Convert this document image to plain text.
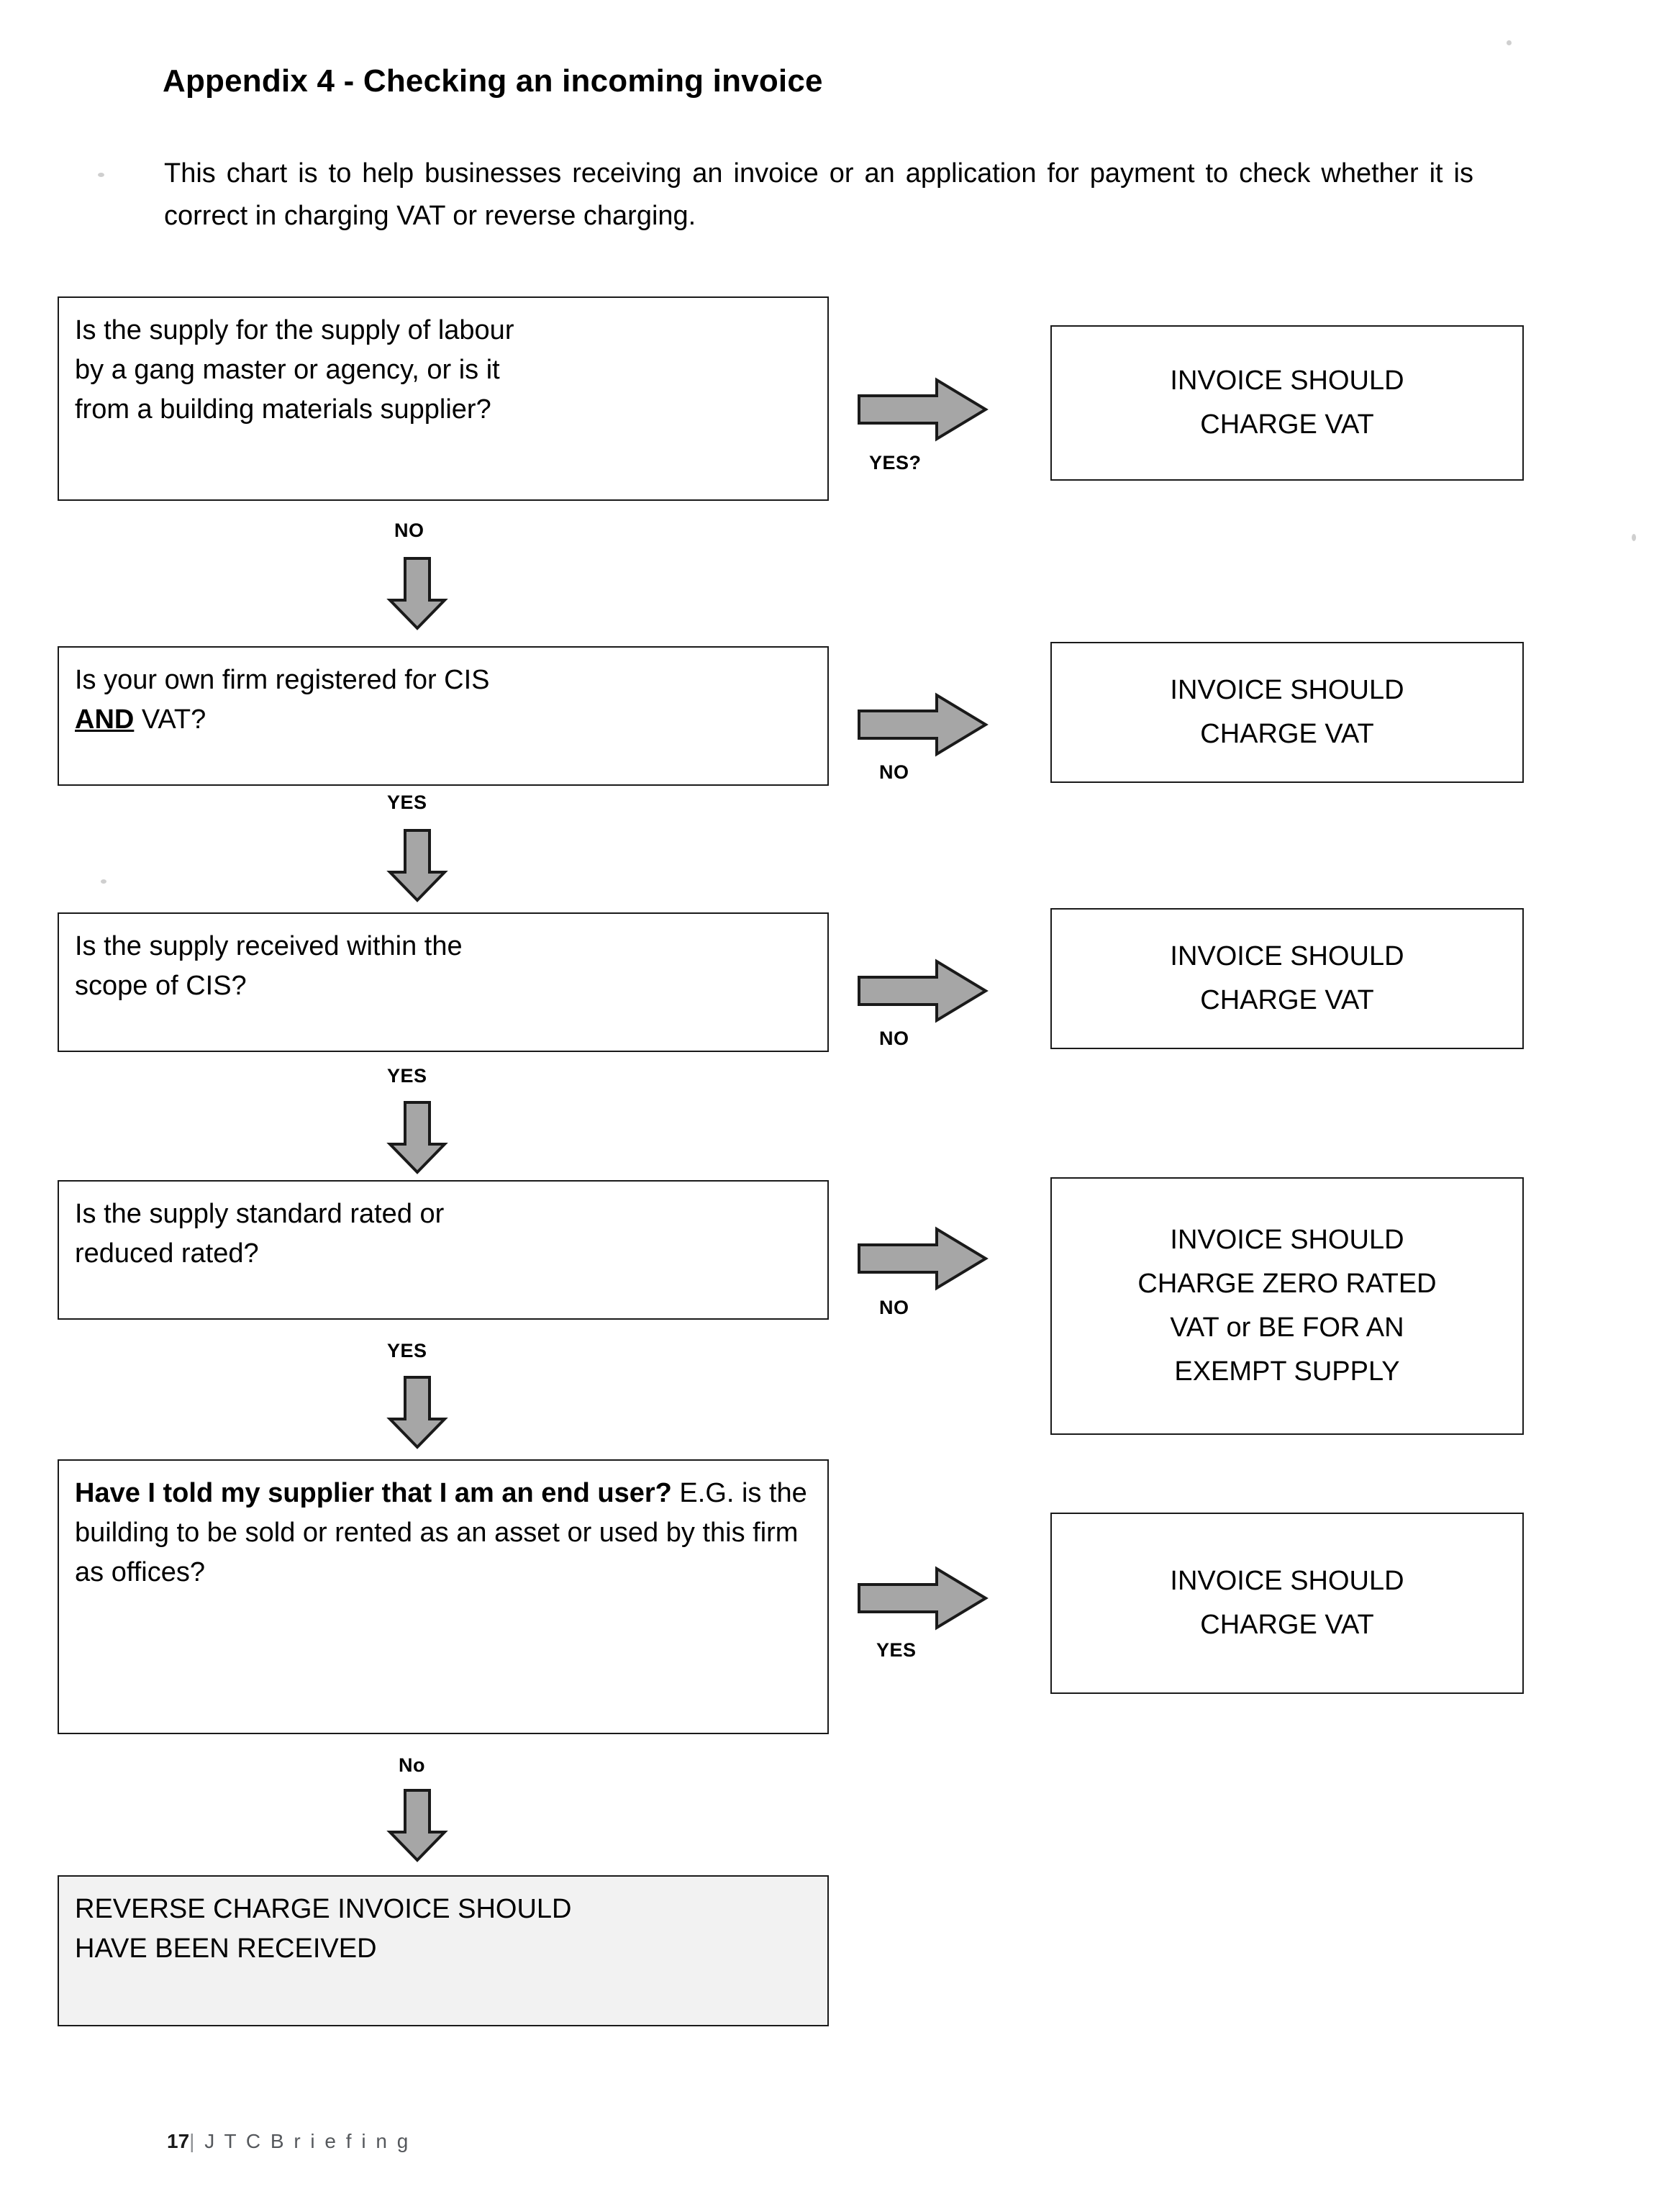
Appendix 4 - Checking an incoming invoice
This chart is to help businesses receiving an invoice or an application for payment to check whether it is correct in charging VAT or reverse charging.
Is the supply for the supply of labour
by a gang master or agency, or is it
from a building materials supplier?
YES?
INVOICE SHOULD
CHARGE VAT
NO
Is your own firm registered for CIS
AND VAT?
NO
INVOICE SHOULD
CHARGE VAT
YES
Is the supply received within the
scope of CIS?
NO
INVOICE SHOULD
CHARGE VAT
YES
Is the supply standard rated or
reduced rated?
NO
INVOICE SHOULD
CHARGE ZERO RATED
VAT or BE FOR AN
EXEMPT SUPPLY
YES
Have I told my supplier that I am an end user? E.G. is the building to be sold or rented as an asset or used by this firm as offices?
YES
INVOICE SHOULD
CHARGE VAT
No
REVERSE CHARGE INVOICE SHOULD
HAVE BEEN RECEIVED
17| J T C B r i e f i n g
